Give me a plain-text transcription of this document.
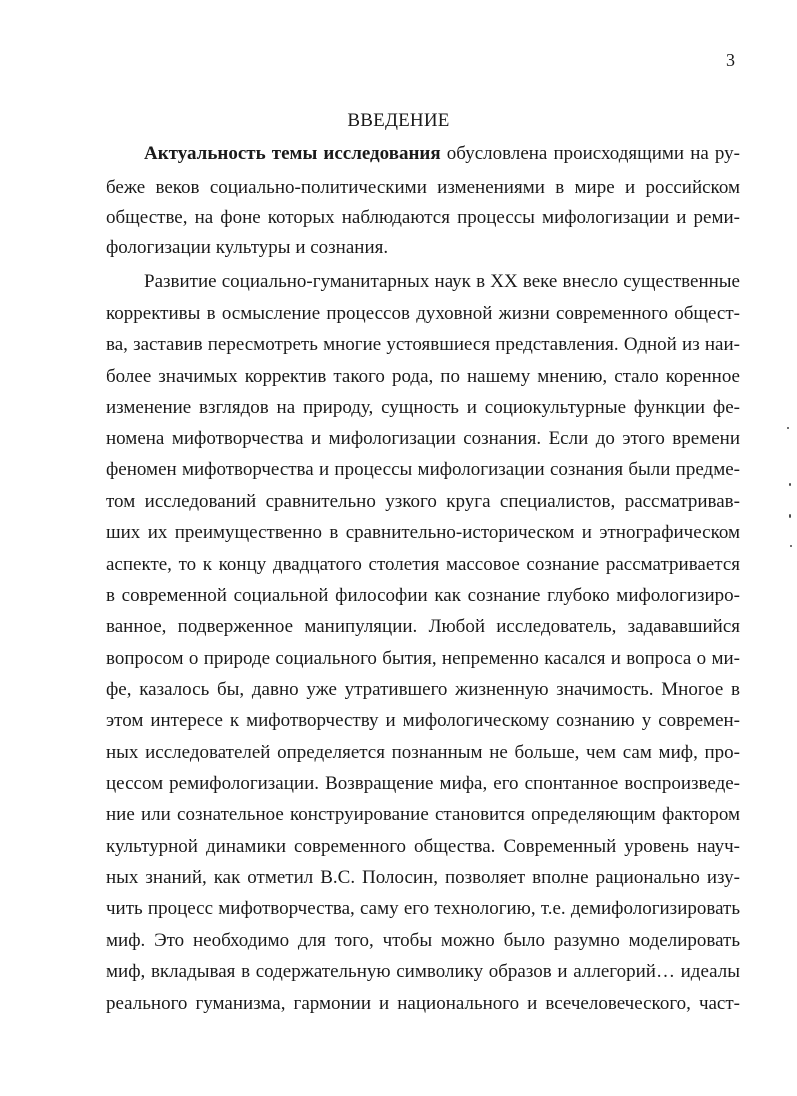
3
ВВЕДЕНИЕ
Актуальность темы исследования обусловлена происходящими на ру-
беже веков социально-политическими изменениями в мире и российском
обществе, на фоне которых наблюдаются процессы мифологизации и реми-
фологизации культуры и сознания.
Развитие социально-гуманитарных наук в XX веке внесло существенные
коррективы в осмысление процессов духовной жизни современного общест-
ва, заставив пересмотреть многие устоявшиеся представления. Одной из наи-
более значимых корректив такого рода, по нашему мнению, стало коренное
изменение взглядов на природу, сущность и социокультурные функции фе-
номена мифотворчества и мифологизации сознания. Если до этого времени
феномен мифотворчества и процессы мифологизации сознания были предме-
том исследований сравнительно узкого круга специалистов, рассматривав-
ших их преимущественно в сравнительно-историческом и этнографическом
аспекте, то к концу двадцатого столетия массовое сознание рассматривается
в современной социальной философии как сознание глубоко мифологизиро-
ванное, подверженное манипуляции. Любой исследователь, задававшийся
вопросом о природе социального бытия, непременно касался и вопроса о ми-
фе, казалось бы, давно уже утратившего жизненную значимость. Многое в
этом интересе к мифотворчеству и мифологическому сознанию у современ-
ных исследователей определяется познанным не больше, чем сам миф, про-
цессом ремифологизации. Возвращение мифа, его спонтанное воспроизведе-
ние или сознательное конструирование становится определяющим фактором
культурной динамики современного общества. Современный уровень науч-
ных знаний, как отметил В.С. Полосин, позволяет вполне рационально изу-
чить процесс мифотворчества, саму его технологию, т.е. демифологизировать
миф. Это необходимо для того, чтобы можно было разумно моделировать
миф, вкладывая в содержательную символику образов и аллегорий… идеалы
реального гуманизма, гармонии и национального и всечеловеческого, част-
